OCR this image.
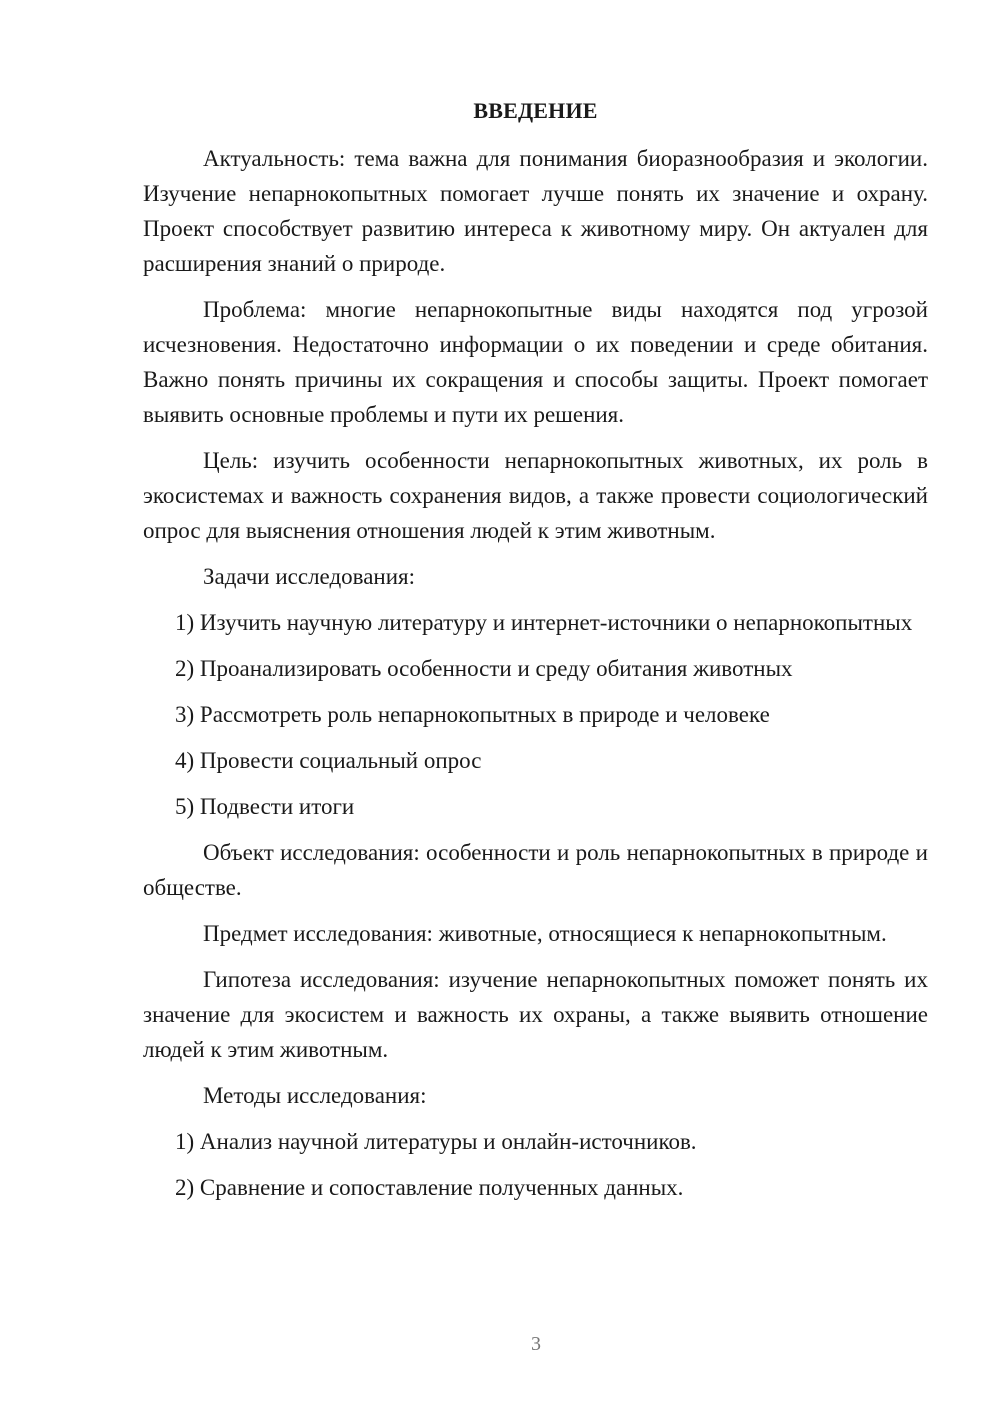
ВВЕДЕНИЕ

Актуальность: тема важна для понимания биоразнообразия и экологии. Изучение непарнокопытных помогает лучше понять их значение и охрану. Проект способствует развитию интереса к животному миру. Он актуален для расширения знаний о природе.

Проблема: многие непарнокопытные виды находятся под угрозой исчезновения. Недостаточно информации о их поведении и среде обитания. Важно понять причины их сокращения и способы защиты. Проект помогает выявить основные проблемы и пути их решения.

Цель: изучить особенности непарнокопытных животных, их роль в экосистемах и важность сохранения видов, а также провести социологический опрос для выяснения отношения людей к этим животным.

Задачи исследования:

1) Изучить научную литературу и интернет-источники о непарнокопытных

2) Проанализировать особенности и среду обитания животных

3) Рассмотреть роль непарнокопытных в природе и человеке

4) Провести социальный опрос

5) Подвести итоги

Объект исследования: особенности и роль непарнокопытных в природе и обществе.

Предмет исследования: животные, относящиеся к непарнокопытным.

Гипотеза исследования: изучение непарнокопытных поможет понять их значение для экосистем и важность их охраны, а также выявить отношение людей к этим животным.

Методы исследования:

1) Анализ научной литературы и онлайн-источников.

2) Сравнение и сопоставление полученных данных.

3
